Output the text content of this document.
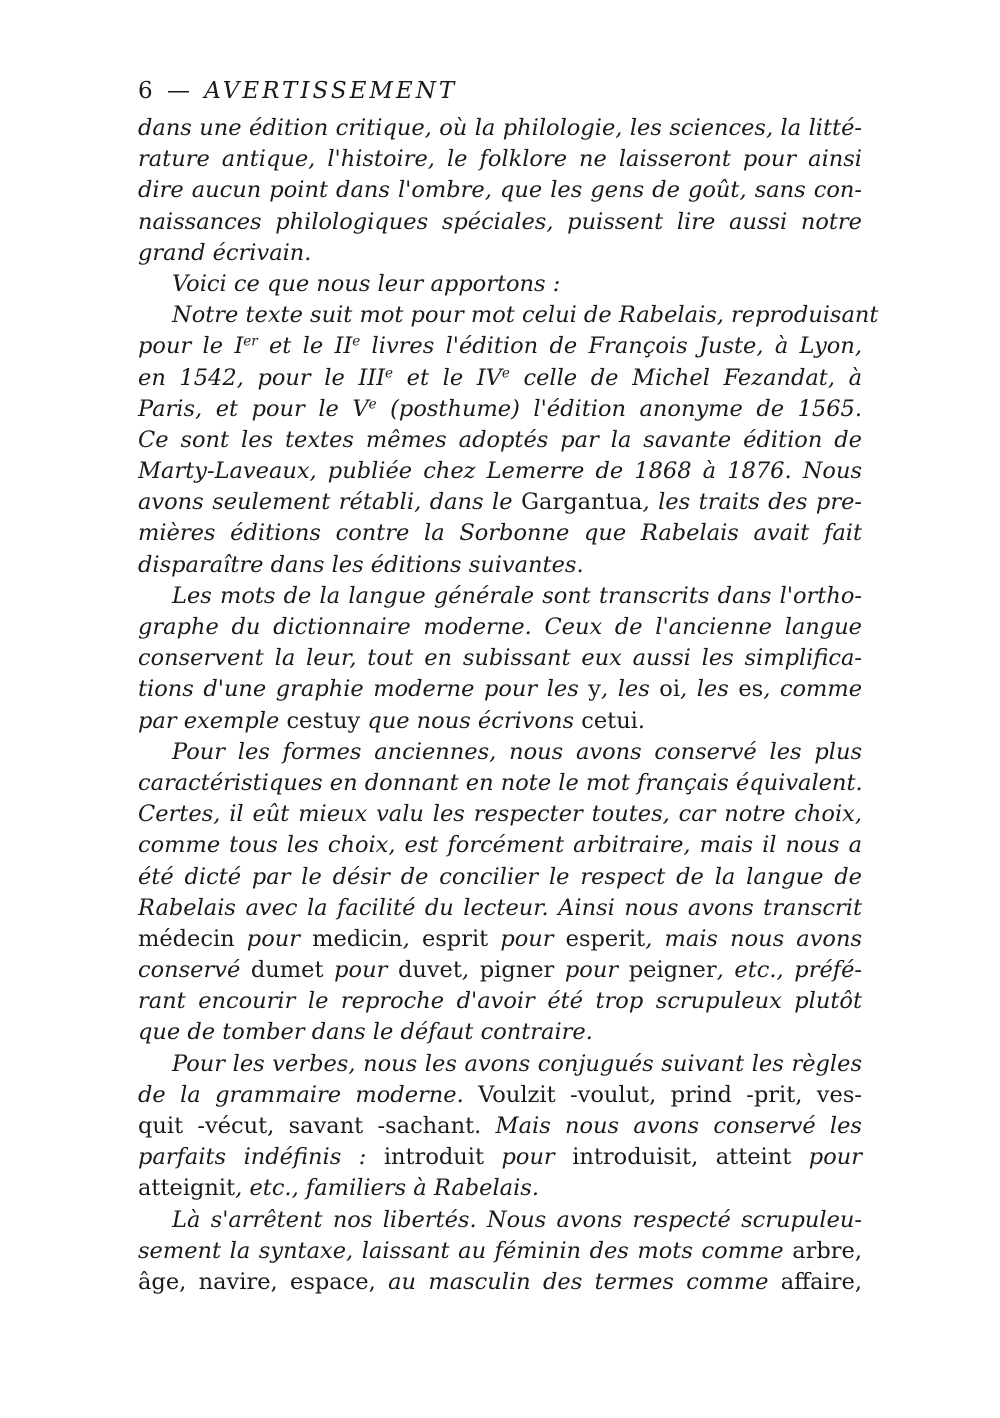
6 — AVERTISSEMENT
dans une édition critique, où la philologie, les sciences, la litté-
rature antique, l'histoire, le folklore ne laisseront pour ainsi
dire aucun point dans l'ombre, que les gens de goût, sans con-
naissances philologiques spéciales, puissent lire aussi notre
grand écrivain.
Voici ce que nous leur apportons :
Notre texte suit mot pour mot celui de Rabelais, reproduisant
pour le Ier et le IIe livres l'édition de François Juste, à Lyon,
en 1542, pour le IIIe et le IVe celle de Michel Fezandat, à
Paris, et pour le Ve (posthume) l'édition anonyme de 1565.
Ce sont les textes mêmes adoptés par la savante édition de
Marty-Laveaux, publiée chez Lemerre de 1868 à 1876. Nous
avons seulement rétabli, dans le Gargantua, les traits des pre-
mières éditions contre la Sorbonne que Rabelais avait fait
disparaître dans les éditions suivantes.
Les mots de la langue générale sont transcrits dans l'ortho-
graphe du dictionnaire moderne. Ceux de l'ancienne langue
conservent la leur, tout en subissant eux aussi les simplifica-
tions d'une graphie moderne pour les y, les oi, les es, comme
par exemple cestuy que nous écrivons cetui.
Pour les formes anciennes, nous avons conservé les plus
caractéristiques en donnant en note le mot français équivalent.
Certes, il eût mieux valu les respecter toutes, car notre choix,
comme tous les choix, est forcément arbitraire, mais il nous a
été dicté par le désir de concilier le respect de la langue de
Rabelais avec la facilité du lecteur. Ainsi nous avons transcrit
médecin pour medicin, esprit pour esperit, mais nous avons
conservé dumet pour duvet, pigner pour peigner, etc., préfé-
rant encourir le reproche d'avoir été trop scrupuleux plutôt
que de tomber dans le défaut contraire.
Pour les verbes, nous les avons conjugués suivant les règles
de la grammaire moderne. Voulzit -voulut, prind -prit, ves-
quit -vécut, savant -sachant. Mais nous avons conservé les
parfaits indéfinis : introduit pour introduisit, atteint pour
atteignit, etc., familiers à Rabelais.
Là s'arrêtent nos libertés. Nous avons respecté scrupuleu-
sement la syntaxe, laissant au féminin des mots comme arbre,
âge, navire, espace, au masculin des termes comme affaire,
